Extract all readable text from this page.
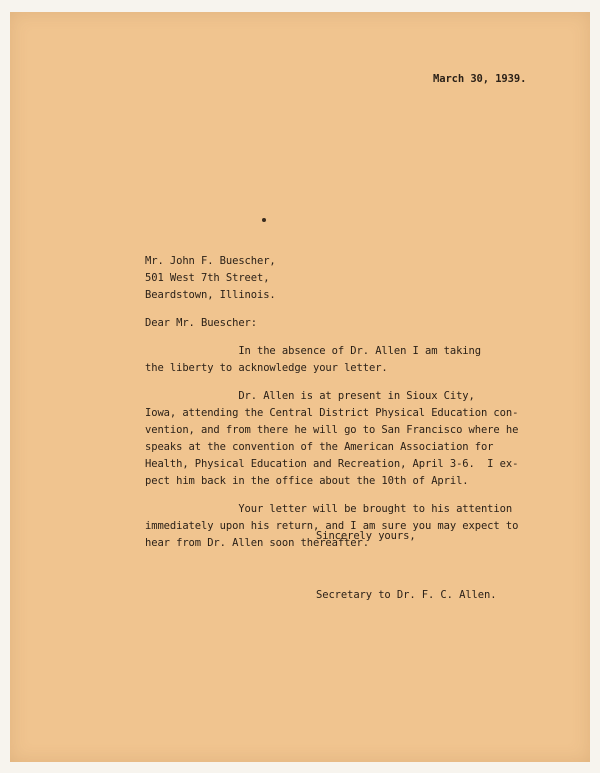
March 30, 1939.
Mr. John F. Buescher,
501 West 7th Street,
Beardstown, Illinois.
Dear Mr. Buescher:
In the absence of Dr. Allen I am taking
the liberty to acknowledge your letter.
Dr. Allen is at present in Sioux City,
Iowa, attending the Central District Physical Education con-
vention, and from there he will go to San Francisco where he
speaks at the convention of the American Association for
Health, Physical Education and Recreation, April 3-6.  I ex-
pect him back in the office about the 10th of April.
Your letter will be brought to his attention
immediately upon his return, and I am sure you may expect to
hear from Dr. Allen soon thereafter.
Sincerely yours,
Secretary to Dr. F. C. Allen.
